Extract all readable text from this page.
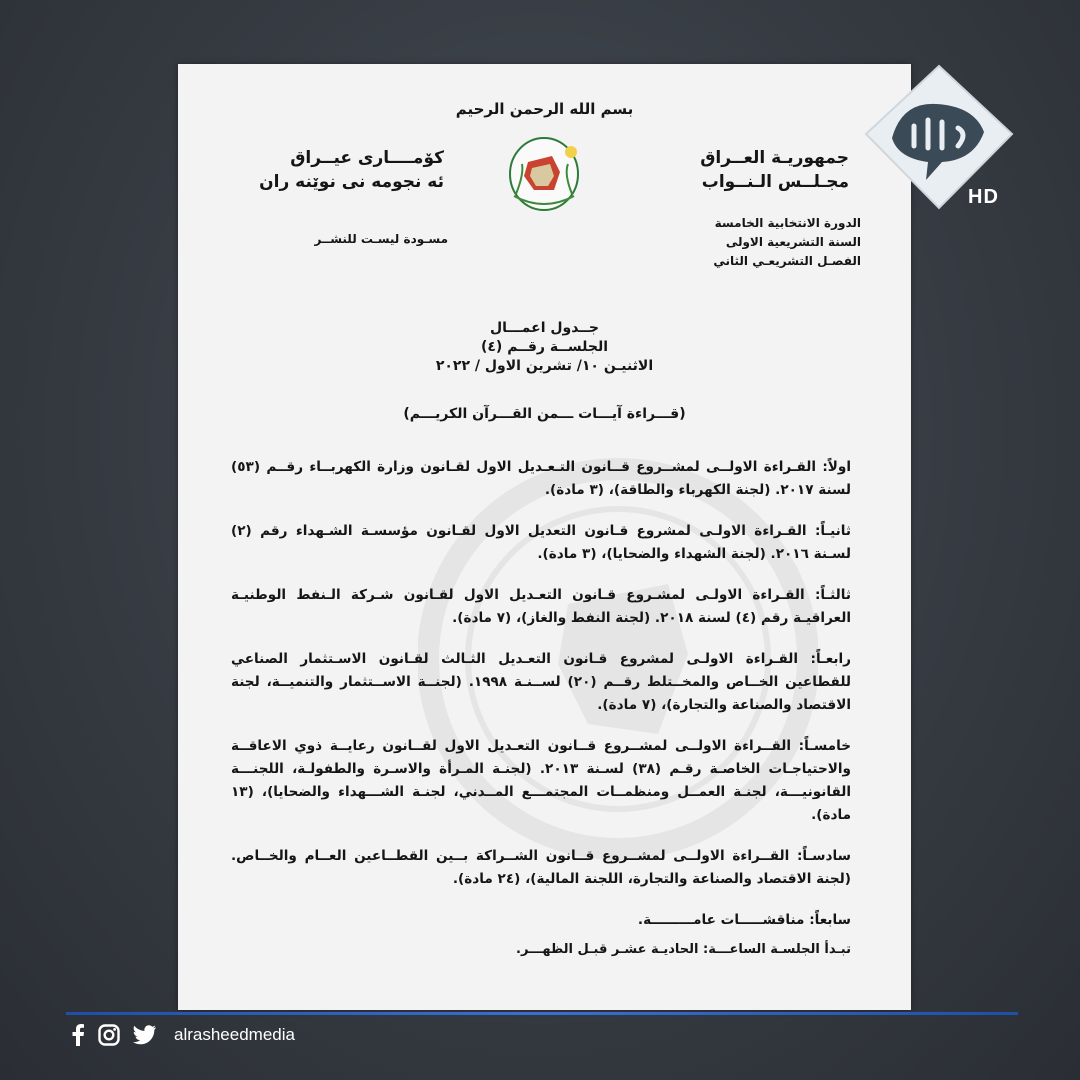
بسم الله الرحمن الرحيم
جمهوريـة العــراق
مجـلــس الـنــواب
كۆمــــارى عيــراق
ئه نجومه نى نوێنه ران
مسـودة ليسـت للنشــر
الدورة الانتخابية الخامسة
السنة التشريعية الاولى
الفصـل التشريعـي الثاني
جــدول اعمـــال
الجلســة رقــم (٤)
الاثنيـن ١٠/ تشرين الاول / ٢٠٢٢
(قـــراءة آيـــات ـــمن القـــرآن الكريـــم)
اولاً: القـراءة الاولــى لمشــروع قــانون التـعـديل الاول لقـانون وزارة الكهربــاء رقــم (٥٣) لسنة ٢٠١٧. (لجنة الكهرباء والطاقة)، (٣ مادة).
ثانيـاً: القـراءة الاولـى لمشروع قـانون التعديل الاول لقـانون مؤسسـة الشـهداء رقم (٢) لسـنة ٢٠١٦. (لجنة الشهداء والضحايا)، (٣ مادة).
ثالثـاً: القـراءة الاولـى لمشـروع قـانون التعـديل الاول لقـانون شـركة الـنفط الوطنيـة العراقيـة رقم (٤) لسنة ٢٠١٨. (لجنة النفط والغاز)، (٧ مادة).
رابعـاً: القـراءة الاولـى لمشروع قـانون التعـديل الثـالث لقـانون الاسـتثمار الصناعي للقطاعين الخــاص والمخــتلط رقــم (٢٠) لســنـة ١٩٩٨. (لجنــة الاســتثمار والتنميــة، لجنة الاقتصاد والصناعة والتجارة)، (٧ مادة).
خامسـاً: القــراءة الاولــى لمشــروع قــانون التعـديل الاول لقــانون رعايــة ذوي الاعاقــة والاحتياجـات الخاصـة رقـم (٣٨) لسـنة ٢٠١٣. (لجنـة المـرأة والاسـرة والطفولـة، اللجنـــة القانونيـــة، لجنـة العمــل ومنظمــات المجتمـــع المــدني، لجنـة الشـــهداء والضحايا)، (١٣ مادة).
سادسـاً: القــراءة الاولــى لمشــروع قــانون الشــراكة بــين القطــاعين العــام والخــاص. (لجنة الاقتصاد والصناعة والتجارة، اللجنة المالية)، (٢٤ مادة).
سابعاً: مناقشـــــات عامـــــــــة.
تبـدأ الجلسـة الساعـــة: الحاديـة عشـر قبـل الظهـــر.
HD
alrasheedmedia
